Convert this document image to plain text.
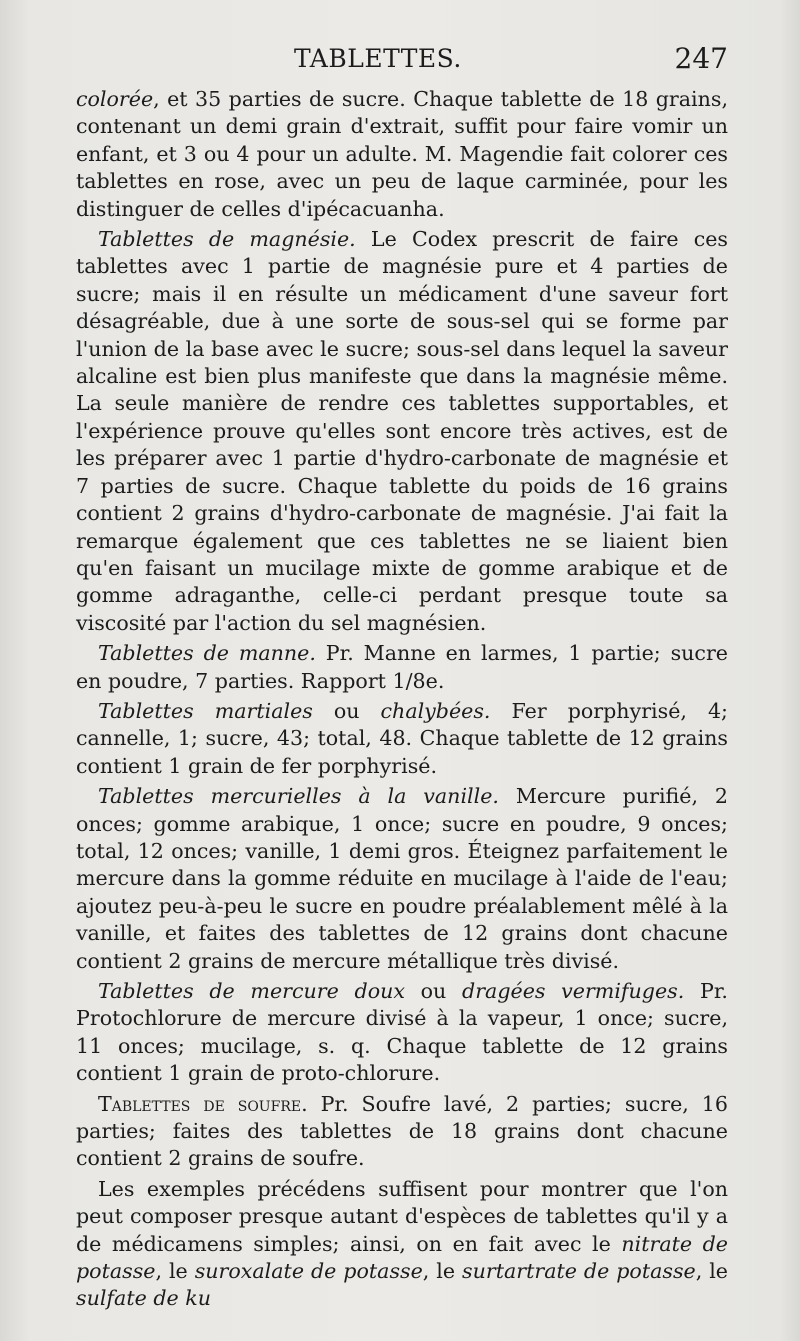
TABLETTES.	247

colorée, et 35 parties de sucre. Chaque tablette de 18 grains, contenant un demi grain d'extrait, suffit pour faire vomir un enfant, et 3 ou 4 pour un adulte. M. Magendie fait colorer ces tablettes en rose, avec un peu de laque carminée, pour les distinguer de celles d'ipécacuanha.

Tablettes de magnésie. Le Codex prescrit de faire ces tablettes avec 1 partie de magnésie pure et 4 parties de sucre; mais il en résulte un médicament d'une saveur fort désagréable, due à une sorte de sous-sel qui se forme par l'union de la base avec le sucre; sous-sel dans lequel la saveur alcaline est bien plus manifeste que dans la magnésie même. La seule manière de rendre ces tablettes supportables, et l'expérience prouve qu'elles sont encore très actives, est de les préparer avec 1 partie d'hydro-carbonate de magnésie et 7 parties de sucre. Chaque tablette du poids de 16 grains contient 2 grains d'hydro-carbonate de magnésie. J'ai fait la remarque également que ces tablettes ne se liaient bien qu'en faisant un mucilage mixte de gomme arabique et de gomme adraganthe, celle-ci perdant presque toute sa viscosité par l'action du sel magnésien.

Tablettes de manne. Pr. Manne en larmes, 1 partie; sucre en poudre, 7 parties. Rapport 1/8e.

Tablettes martiales ou chalybées. Fer porphyrisé, 4; cannelle, 1; sucre, 43; total, 48. Chaque tablette de 12 grains contient 1 grain de fer porphyrisé.

Tablettes mercurielles à la vanille. Mercure purifié, 2 onces; gomme arabique, 1 once; sucre en poudre, 9 onces; total, 12 onces; vanille, 1 demi gros. Éteignez parfaitement le mercure dans la gomme réduite en mucilage à l'aide de l'eau; ajoutez peu-à-peu le sucre en poudre préalablement mêlé à la vanille, et faites des tablettes de 12 grains dont chacune contient 2 grains de mercure métallique très divisé.

Tablettes de mercure doux ou dragées vermifuges. Pr. Protochlorure de mercure divisé à la vapeur, 1 once; sucre, 11 onces; mucilage, s. q. Chaque tablette de 12 grains contient 1 grain de proto-chlorure.

Tablettes de soufre. Pr. Soufre lavé, 2 parties; sucre, 16 parties; faites des tablettes de 18 grains dont chacune contient 2 grains de soufre.

Les exemples précédens suffisent pour montrer que l'on peut composer presque autant d'espèces de tablettes qu'il y a de médicamens simples; ainsi, on en fait avec le nitrate de potasse, le suroxalate de potasse, le surtartrate de potasse, le sulfate de ku
